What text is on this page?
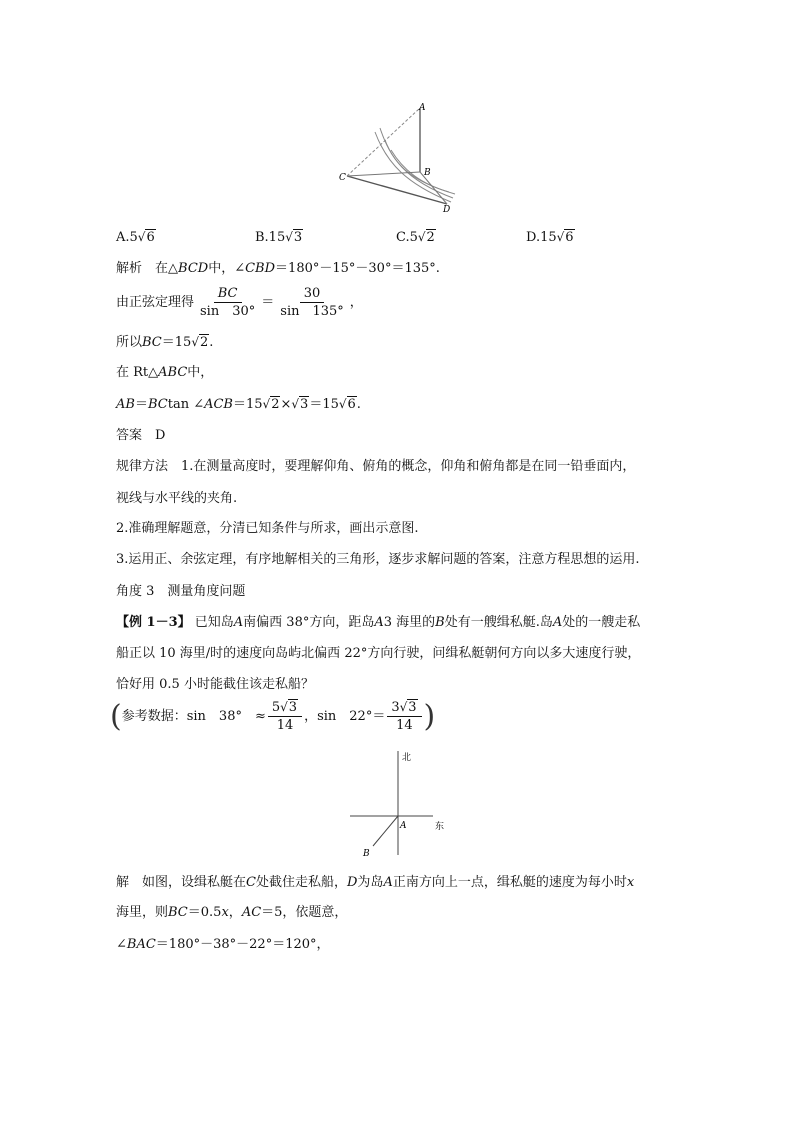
A
B
C
D
A.5√6	B.15√3	C.5√2	D.15√6
解析　 在△BCD中，∠CBD＝180°－15°－30°＝135°.
由正弦定理得 $\frac{BC}{\sin 30^\circ} = \frac{30}{\sin 135^\circ}$ ，
所以BC＝15√2.
在 Rt△ABC中，
AB＝BCtan ∠ACB＝15√2×√3＝15√6.
答案　 D
规律方法　1.在测量高度时，要理解仰角、俯角的概念，仰角和俯角都是在同一铅垂面内，
视线与水平线的夹角.
2.准确理解题意，分清已知条件与所求，画出示意图.
3.运用正、余弦定理，有序地解相关的三角形，逐步求解问题的答案，注意方程思想的运用.
角度 3　测量角度问题
【例 1－3】 已知岛A南偏西 38°方向，距岛A3 海里的B处有一艘缉私艇.岛A处的一艘走私
船正以 10 海里/时的速度向岛屿北偏西 22°方向行驶，问缉私艇朝何方向以多大速度行驶，
恰好用 0.5 小时能截住该走私船？
( 参考数据：sin　38°　≈ $\frac{5√3}{14}$ ，sin　$22^\circ= \frac{3√3}{14}$ )
北
东
A
B
解　如图，设缉私艇在C处截住走私船，D为岛A正南方向上一点，缉私艇的速度为每小时x
海里，则BC＝0.5x，AC＝5，依题意，
∠BAC＝180°－38°－22°＝120°，
